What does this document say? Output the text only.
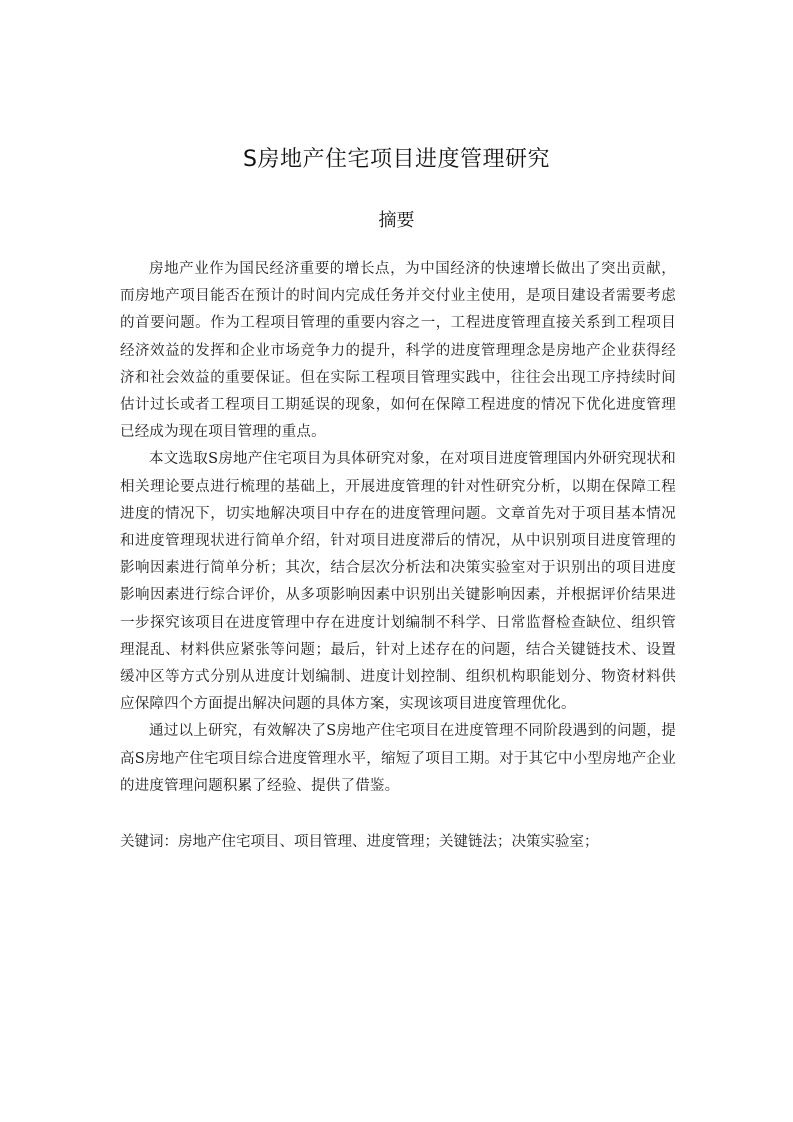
S房地产住宅项目进度管理研究
摘要

房地产业作为国民经济重要的增长点，为中国经济的快速增长做出了突出贡献，而房地产项目能否在预计的时间内完成任务并交付业主使用，是项目建设者需要考虑的首要问题。作为工程项目管理的重要内容之一，工程进度管理直接关系到工程项目经济效益的发挥和企业市场竞争力的提升，科学的进度管理理念是房地产企业获得经济和社会效益的重要保证。但在实际工程项目管理实践中，往往会出现工序持续时间估计过长或者工程项目工期延误的现象，如何在保障工程进度的情况下优化进度管理已经成为现在项目管理的重点。

本文选取S房地产住宅项目为具体研究对象，在对项目进度管理国内外研究现状和相关理论要点进行梳理的基础上，开展进度管理的针对性研究分析，以期在保障工程进度的情况下，切实地解决项目中存在的进度管理问题。文章首先对于项目基本情况和进度管理现状进行简单介绍，针对项目进度滞后的情况，从中识别项目进度管理的影响因素进行简单分析；其次，结合层次分析法和决策实验室对于识别出的项目进度影响因素进行综合评价，从多项影响因素中识别出关键影响因素，并根据评价结果进一步探究该项目在进度管理中存在进度计划编制不科学、日常监督检查缺位、组织管理混乱、材料供应紧张等问题；最后，针对上述存在的问题，结合关键链技术、设置缓冲区等方式分别从进度计划编制、进度计划控制、组织机构职能划分、物资材料供应保障四个方面提出解决问题的具体方案，实现该项目进度管理优化。

通过以上研究，有效解决了S房地产住宅项目在进度管理不同阶段遇到的问题，提高S房地产住宅项目综合进度管理水平，缩短了项目工期。对于其它中小型房地产企业的进度管理问题积累了经验、提供了借鉴。

关键词：房地产住宅项目、项目管理、进度管理；关键链法；决策实验室；
